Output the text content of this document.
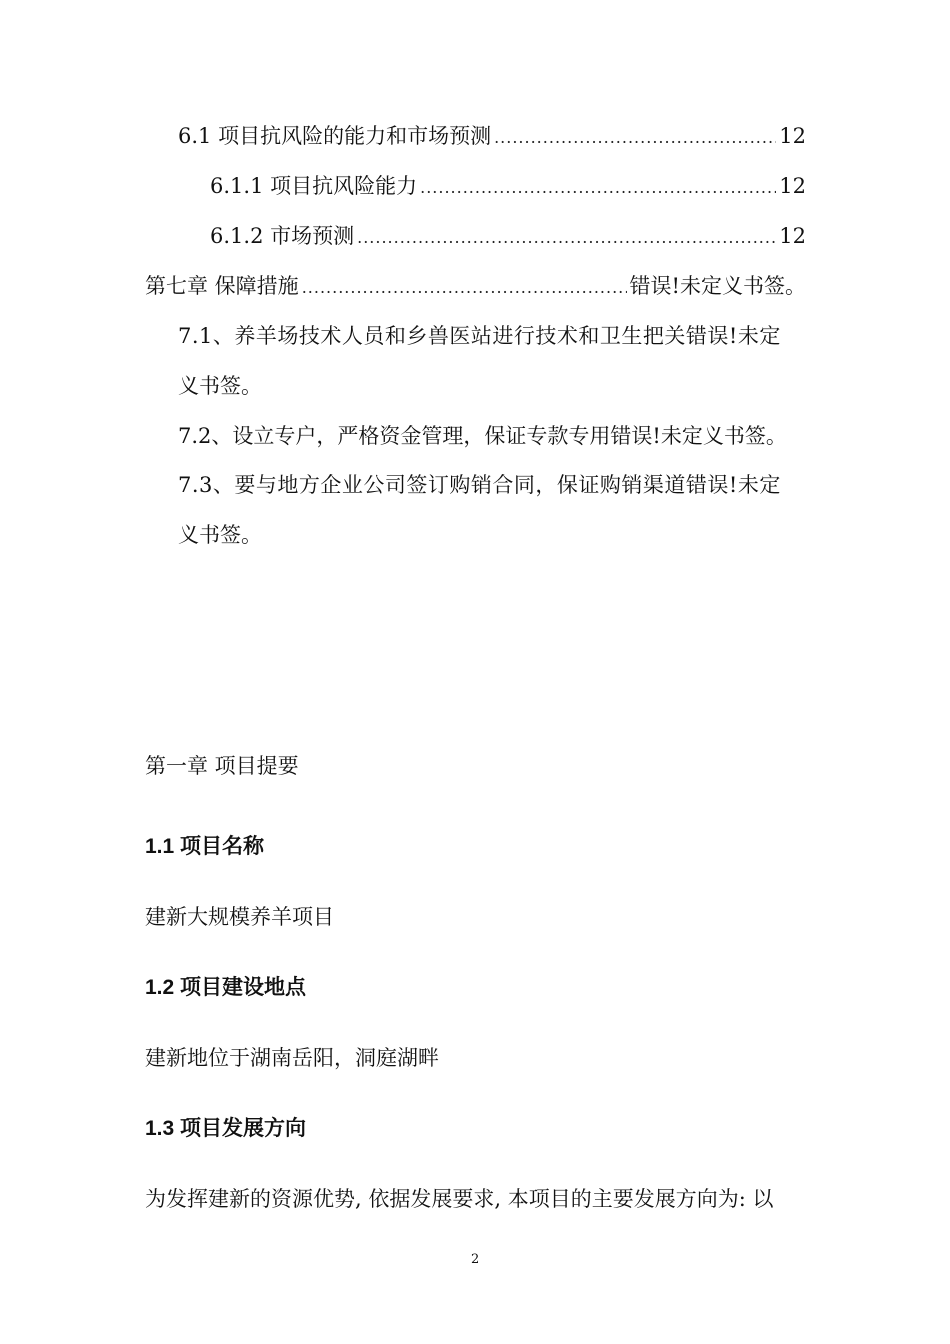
6.1 项目抗风险的能力和市场预测 .....	12
6.1.1 项目抗风险能力 .....	12
6.1.2 市场预测 .....	12
第七章 保障措施 .....	错误!未定义书签。
7.1、养羊场技术人员和乡兽医站进行技术和卫生把关错误!未定
义书签。
7.2、设立专户，严格资金管理，保证专款专用 错误!未定义书签。
7.3、要与地方企业公司签订购销合同，保证购销渠道错误!未定
义书签。
第一章 项目提要
1.1 项目名称
建新大规模养羊项目
1.2 项目建设地点
建新地位于湖南岳阳，洞庭湖畔
1.3 项目发展方向
为发挥建新的资源优势, 依据发展要求, 本项目的主要发展方向为: 以
2
